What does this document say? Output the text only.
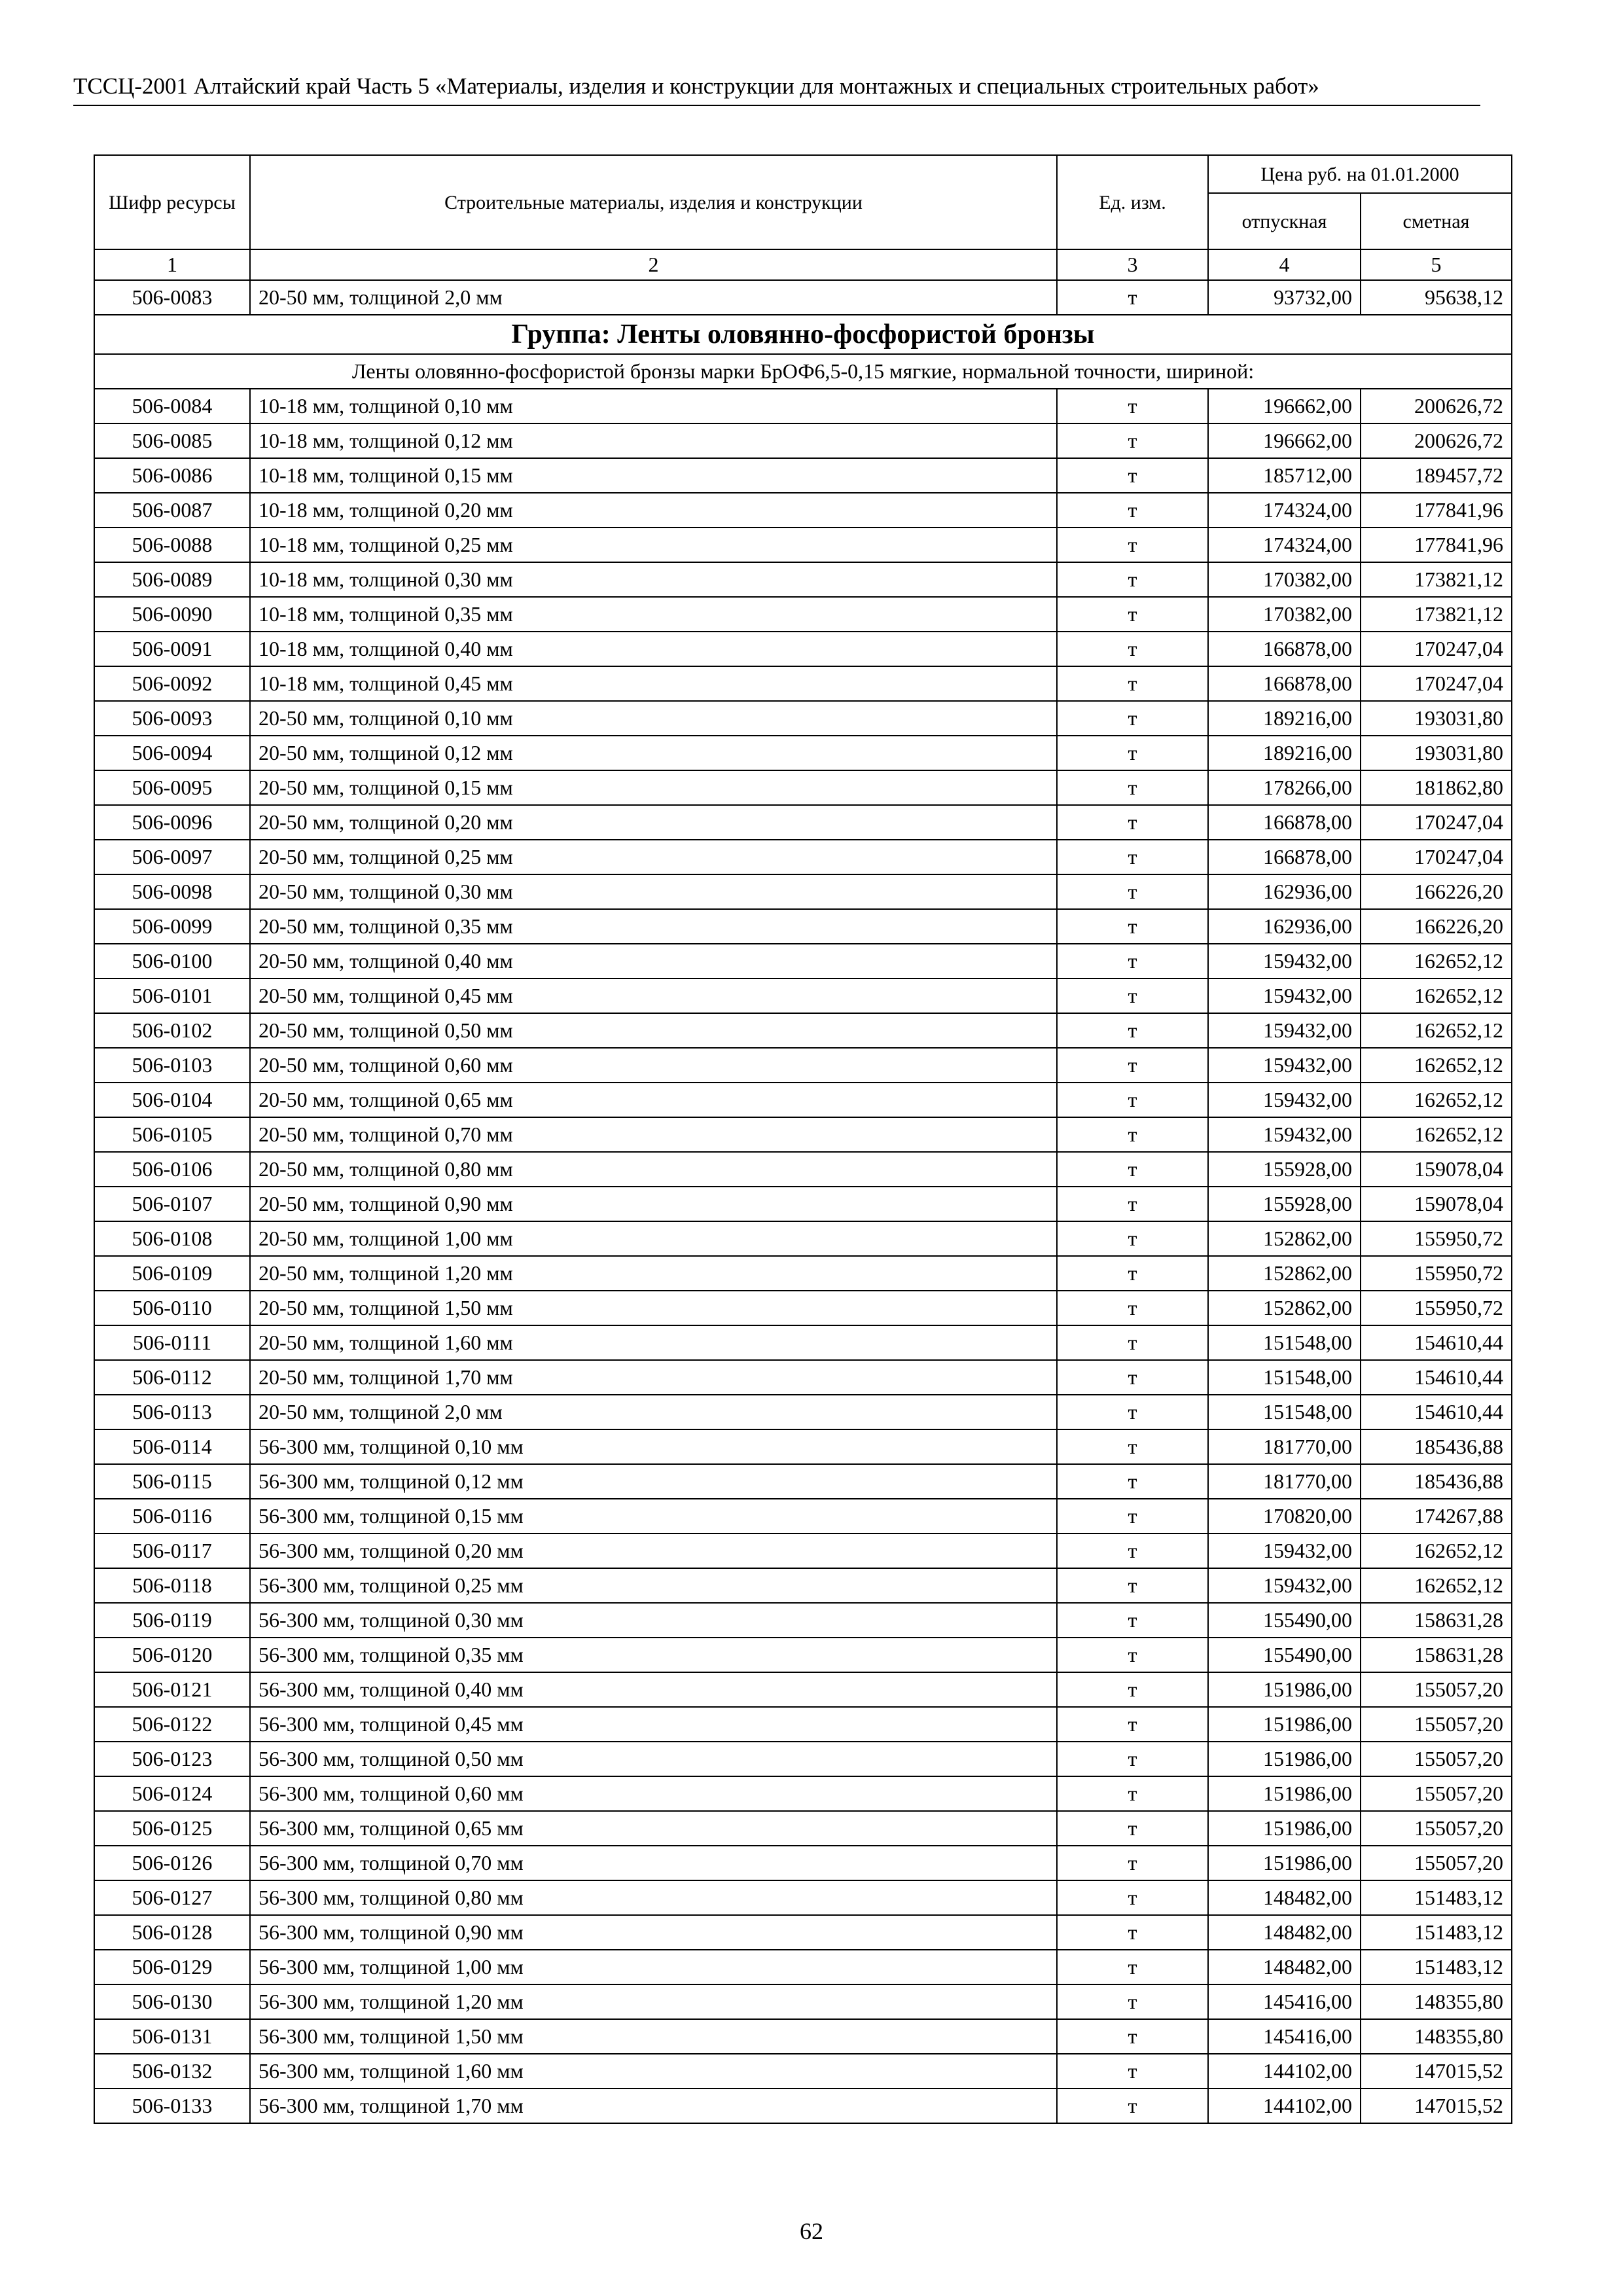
ТССЦ-2001 Алтайский край Часть 5 «Материалы, изделия и конструкции для монтажных и специальных строительных работ»
Шифр ресурсы	Строительные материалы, изделия и конструкции	Ед. изм.	Цена руб. на 01.01.2000	
			отпускная	сметная
1	2	3	4	5
506-0083	20-50 мм, толщиной 2,0 мм	т	93732,00	95638,12
Группа: Ленты оловянно-фосфористой бронзы				
Ленты оловянно-фосфористой бронзы марки БрОФ6,5-0,15 мягкие, нормальной точности, шириной:				
506-0084	10-18 мм, толщиной 0,10 мм	т	196662,00	200626,72
506-0085	10-18 мм, толщиной 0,12 мм	т	196662,00	200626,72
506-0086	10-18 мм, толщиной 0,15 мм	т	185712,00	189457,72
506-0087	10-18 мм, толщиной 0,20 мм	т	174324,00	177841,96
506-0088	10-18 мм, толщиной 0,25 мм	т	174324,00	177841,96
506-0089	10-18 мм, толщиной 0,30 мм	т	170382,00	173821,12
506-0090	10-18 мм, толщиной 0,35 мм	т	170382,00	173821,12
506-0091	10-18 мм, толщиной 0,40 мм	т	166878,00	170247,04
506-0092	10-18 мм, толщиной 0,45 мм	т	166878,00	170247,04
506-0093	20-50 мм, толщиной 0,10 мм	т	189216,00	193031,80
506-0094	20-50 мм, толщиной 0,12 мм	т	189216,00	193031,80
506-0095	20-50 мм, толщиной 0,15 мм	т	178266,00	181862,80
506-0096	20-50 мм, толщиной 0,20 мм	т	166878,00	170247,04
506-0097	20-50 мм, толщиной 0,25 мм	т	166878,00	170247,04
506-0098	20-50 мм, толщиной 0,30 мм	т	162936,00	166226,20
506-0099	20-50 мм, толщиной 0,35 мм	т	162936,00	166226,20
506-0100	20-50 мм, толщиной 0,40 мм	т	159432,00	162652,12
506-0101	20-50 мм, толщиной 0,45 мм	т	159432,00	162652,12
506-0102	20-50 мм, толщиной 0,50 мм	т	159432,00	162652,12
506-0103	20-50 мм, толщиной 0,60 мм	т	159432,00	162652,12
506-0104	20-50 мм, толщиной 0,65 мм	т	159432,00	162652,12
506-0105	20-50 мм, толщиной 0,70 мм	т	159432,00	162652,12
506-0106	20-50 мм, толщиной 0,80 мм	т	155928,00	159078,04
506-0107	20-50 мм, толщиной 0,90 мм	т	155928,00	159078,04
506-0108	20-50 мм, толщиной 1,00 мм	т	152862,00	155950,72
506-0109	20-50 мм, толщиной 1,20 мм	т	152862,00	155950,72
506-0110	20-50 мм, толщиной 1,50 мм	т	152862,00	155950,72
506-0111	20-50 мм, толщиной 1,60 мм	т	151548,00	154610,44
506-0112	20-50 мм, толщиной 1,70 мм	т	151548,00	154610,44
506-0113	20-50 мм, толщиной 2,0 мм	т	151548,00	154610,44
506-0114	56-300 мм, толщиной 0,10 мм	т	181770,00	185436,88
506-0115	56-300 мм, толщиной 0,12 мм	т	181770,00	185436,88
506-0116	56-300 мм, толщиной 0,15 мм	т	170820,00	174267,88
506-0117	56-300 мм, толщиной 0,20 мм	т	159432,00	162652,12
506-0118	56-300 мм, толщиной 0,25 мм	т	159432,00	162652,12
506-0119	56-300 мм, толщиной 0,30 мм	т	155490,00	158631,28
506-0120	56-300 мм, толщиной 0,35 мм	т	155490,00	158631,28
506-0121	56-300 мм, толщиной 0,40 мм	т	151986,00	155057,20
506-0122	56-300 мм, толщиной 0,45 мм	т	151986,00	155057,20
506-0123	56-300 мм, толщиной 0,50 мм	т	151986,00	155057,20
506-0124	56-300 мм, толщиной 0,60 мм	т	151986,00	155057,20
506-0125	56-300 мм, толщиной 0,65 мм	т	151986,00	155057,20
506-0126	56-300 мм, толщиной 0,70 мм	т	151986,00	155057,20
506-0127	56-300 мм, толщиной 0,80 мм	т	148482,00	151483,12
506-0128	56-300 мм, толщиной 0,90 мм	т	148482,00	151483,12
506-0129	56-300 мм, толщиной 1,00 мм	т	148482,00	151483,12
506-0130	56-300 мм, толщиной 1,20 мм	т	145416,00	148355,80
506-0131	56-300 мм, толщиной 1,50 мм	т	145416,00	148355,80
506-0132	56-300 мм, толщиной 1,60 мм	т	144102,00	147015,52
506-0133	56-300 мм, толщиной 1,70 мм	т	144102,00	147015,52
62
